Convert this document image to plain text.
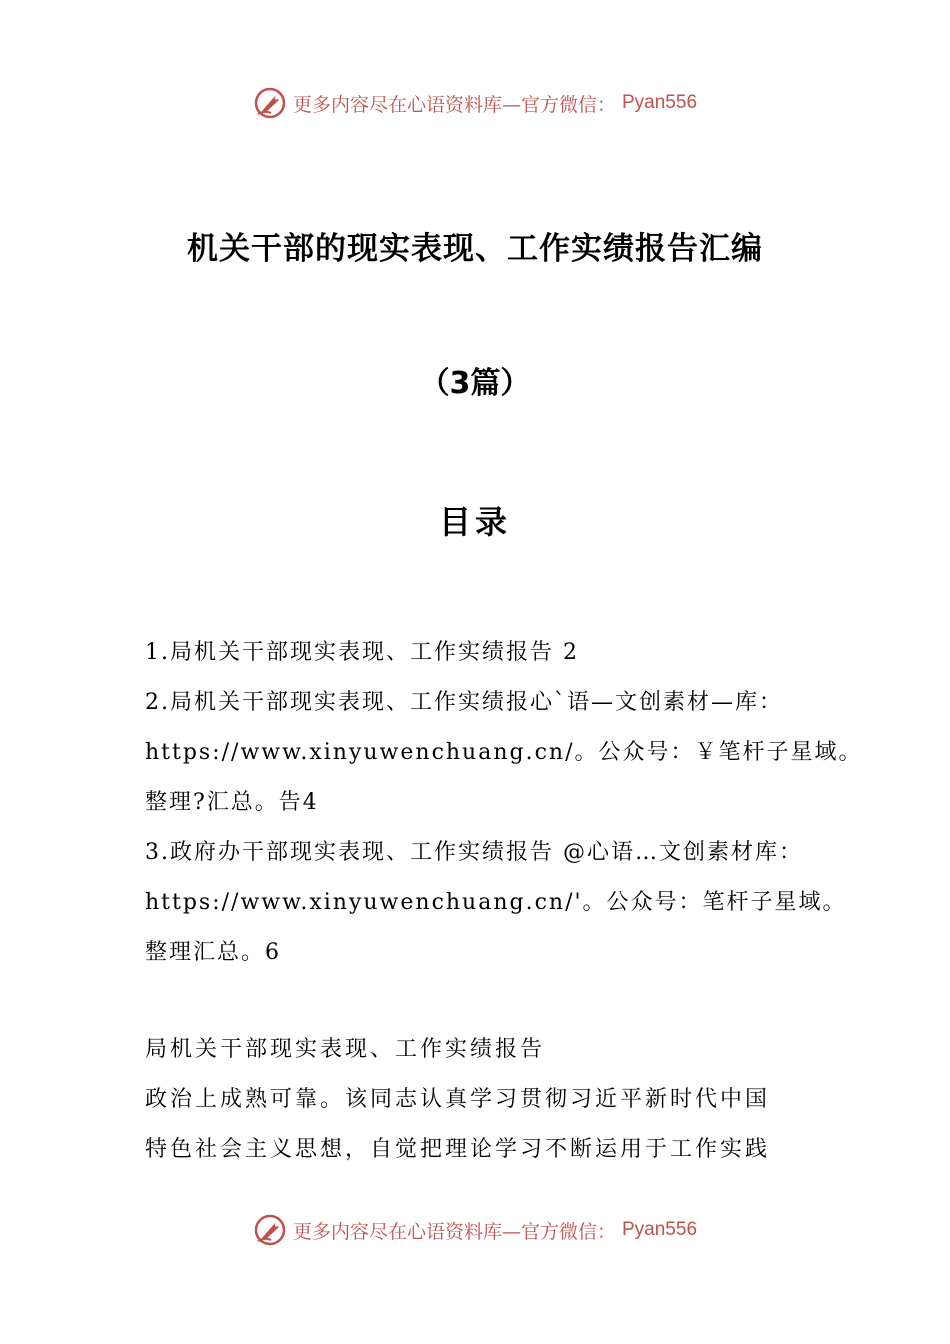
更多内容尽在心语资料库—官方微信： Pyan556
机关干部的现实表现、工作实绩报告汇编
（3篇）
目录
1.局机关干部现实表现、工作实绩报告 2
2.局机关干部现实表现、工作实绩报心`语—文创素材—库：
https://www.xinyuwenchuang.cn/。公众号：￥笔杆子星域。
整理?汇总。告4
3.政府办干部现实表现、工作实绩报告 @心语…文创素材库：
https://www.xinyuwenchuang.cn/'。公众号：笔杆子星域。
整理汇总。6
局机关干部现实表现、工作实绩报告
政治上成熟可靠。该同志认真学习贯彻习近平新时代中国
特色社会主义思想，自觉把理论学习不断运用于工作实践
更多内容尽在心语资料库—官方微信： Pyan556
